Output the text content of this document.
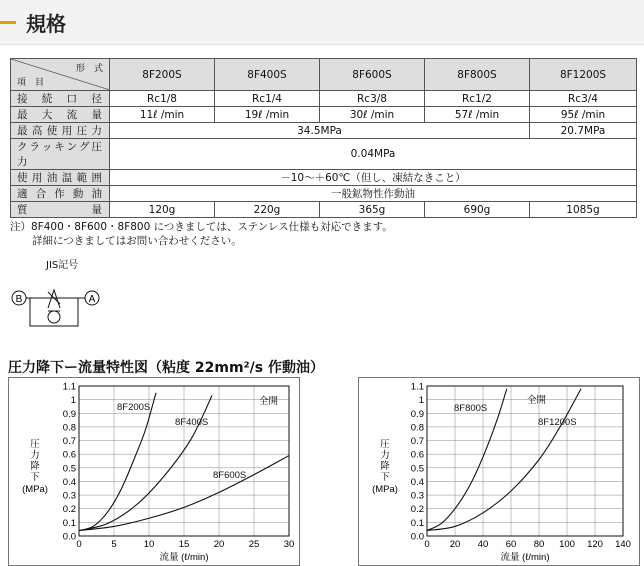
規格
形　式
項　目	8F200S	8F400S	8F600S	8F800S	8F1200S
接続口径	Rc1/8	Rc1/4	Rc3/8	Rc1/2	Rc3/4
最大流量	11ℓ /min	19ℓ /min	30ℓ /min	57ℓ /min	95ℓ /min
最高使用圧力	34.5MPa				20.7MPa
クラッキング圧力	0.04MPa				
使用油温範囲	－10～＋60℃（但し、凍結なきこと）				
適合作動油	一般鉱物性作動油				
質量	120g	220g	365g	690g	1085g
注）8F400・8F600・8F800 につきましては、ステンレス仕様も対応できます。
詳細につきましてはお問い合わせください。
JIS記号
B	A
圧力降下ー流量特性図（粘度 22mm²/s 作動油）
0.0
0.1
0.2
0.3
0.4
0.5
0.6
0.7
0.8
0.9
1
1.1
0	5	10	15	20	25	30
8F200S
8F400S
8F600S
全開
圧力降下(MPa)
流量 (ℓ/min)
0.0
0.1
0.2
0.3
0.4
0.5
0.6
0.7
0.8
0.9
1
1.1
0 20 40 60 80 100 120 140
8F800S
8F1200S
全開
圧力降下(MPa)
流量 (ℓ/min)
